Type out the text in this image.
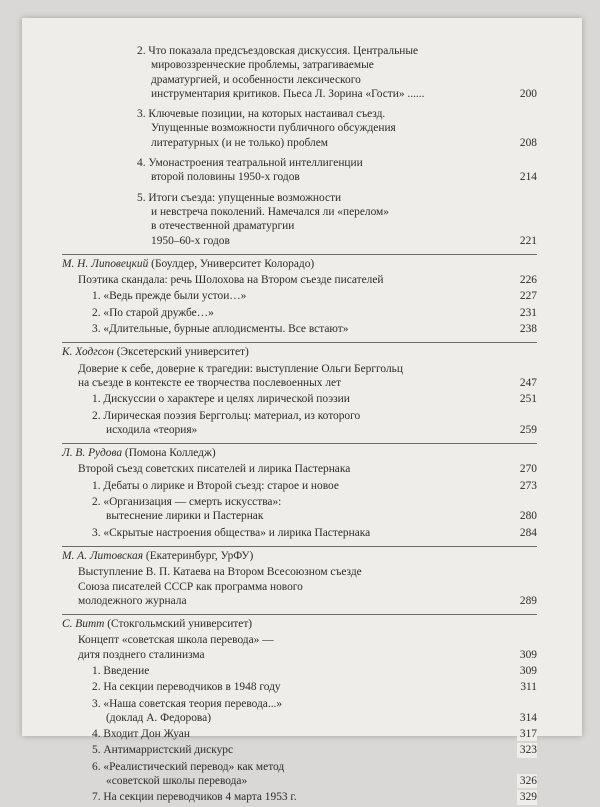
2. Что показала предсъездовская дискуссия. Центральные
мировоззренческие проблемы, затрагиваемые
драматургией, и особенности лексического
инструментария критиков. Пьеса Л. Зорина «Гости» ......	200
3. Ключевые позиции, на которых настаивал съезд.
Упущенные возможности публичного обсуждения
литературных (и не только) проблем	208
4. Умонастроения театральной интеллигенции
второй половины 1950-х годов	214
5. Итоги съезда: упущенные возможности
и невстреча поколений. Намечался ли «перелом»
в отечественной драматургии
1950–60-х годов	221
М. Н. Липовецкий (Боулдер, Университет Колорадо)
Поэтика скандала: речь Шолохова на Втором съезде писателей	226
1. «Ведь прежде были устои…»	227
2. «По старой дружбе…»	231
3. «Длительные, бурные аплодисменты. Все встают»	238
К. Ходгсон (Эксетерский университет)
Доверие к себе, доверие к трагедии: выступление Ольги Берггольц
на съезде в контексте ее творчества послевоенных лет	247
1. Дискуссии о характере и целях лирической поэзии	251
2. Лирическая поэзия Берггольц: материал, из которого
исходила «теория»	259
Л. В. Рудова (Помона Колледж)
Второй съезд советских писателей и лирика Пастернака	270
1. Дебаты о лирике и Второй съезд: старое и новое	273
2. «Организация — смерть искусства»:
вытеснение лирики и Пастернак	280
3. «Скрытые настроения общества» и лирика Пастернака	284
М. А. Литовская (Екатеринбург, УрФУ)
Выступление В. П. Катаева на Втором Всесоюзном съезде
Союза писателей СССР как программа нового
молодежного журнала	289
С. Витт (Стокгольмский университет)
Концепт «советская школа перевода» —
дитя позднего сталинизма	309
1. Введение	309
2. На секции переводчиков в 1948 году	311
3. «Наша советская теория перевода...»
(доклад А. Федорова)	314
4. Входит Дон Жуан	317
5. Антимарристский дискурс	323
6. «Реалистический перевод» как метод
«советской школы перевода»	326
7. На секции переводчиков 4 марта 1953 г.	329
